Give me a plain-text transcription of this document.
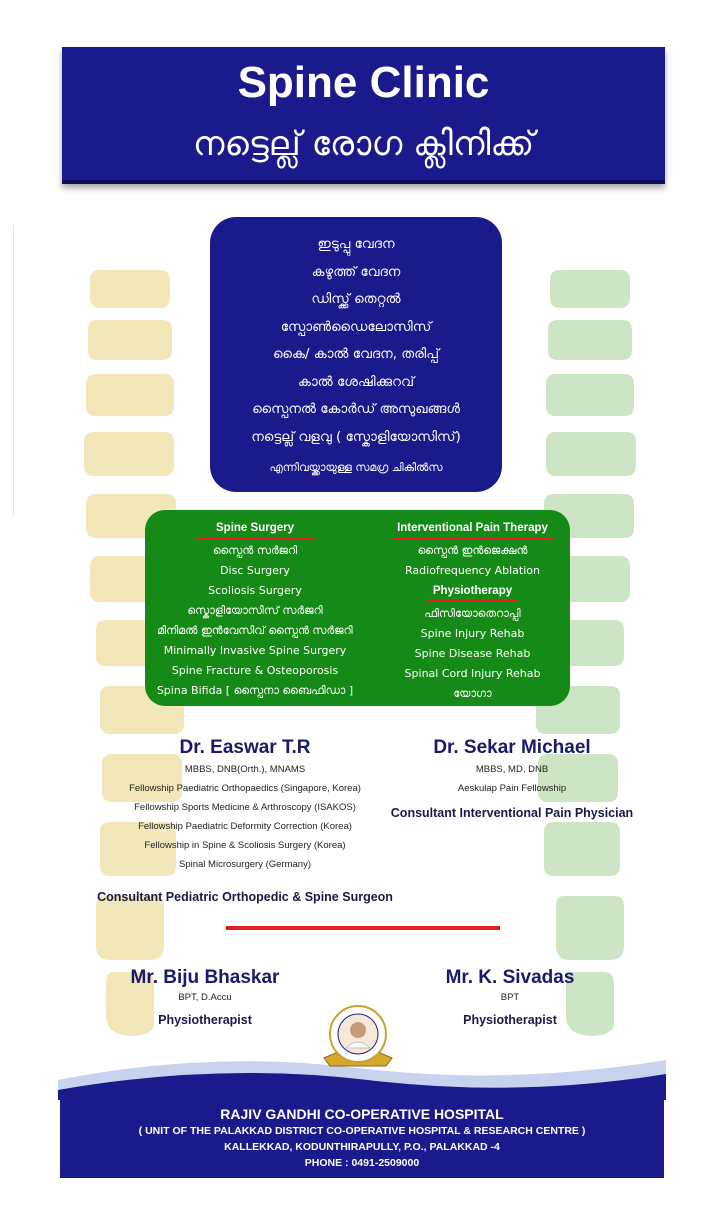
Spine Clinic
നട്ടെല്ല് രോഗ ക്ലിനിക്ക്
ഇടുപ്പു വേദന
കഴുത്ത് വേദന
ഡിസ്ക്ക് തെറ്റൽ
സ്പോൺഡൈലോസിസ്
കൈ/ കാൽ വേദന, തരിപ്പ്
കാൽ ശേഷിക്കുറവ്
സ്പൈനൽ കോർഡ് അസുഖങ്ങൾ
നട്ടെല്ല് വളവു ( സ്കോളിയോസിസ്)
എന്നിവയ്ക്കായുള്ള സമഗ്ര ചികിൽസ
Spine Surgery
സ്പൈൻ സർജറി
Disc Surgery
Scoliosis Surgery
സ്കൊളിയോസിസ് സർജറി
മിനിമൽ ഇൻവേസിവ് സ്പൈൻ സർജറി
Minimally Invasive Spine Surgery
Spine Fracture & Osteoporosis
Spina Bifida [ സ്പൈനാ ബൈഫിഡാ ]
Interventional Pain Therapy
സ്പൈൻ ഇൻജെക്ഷൻ
Radiofrequency Ablation
Physiotherapy
ഫിസിയോതെറാപ്പി
Spine Injury Rehab
Spine Disease Rehab
Spinal Cord Injury Rehab
യോഗാ
Dr. Easwar T.R
MBBS, DNB(Orth.), MNAMS
Fellowship Paediatric Orthopaedics (Singapore, Korea)
Fellowship Sports Medicine & Arthroscopy (ISAKOS)
Fellowship Paediatric Deformity Correction (Korea)
Fellowship in Spine & Scoliosis Surgery (Korea)
Spinal Microsurgery (Germany)
Consultant Pediatric Orthopedic & Spine Surgeon
Dr. Sekar Michael
MBBS, MD, DNB
Aeskulap Pain Fellowship
Consultant Interventional Pain Physician
Mr. Biju Bhaskar
BPT, D.Accu
Physiotherapist
Mr. K. Sivadas
BPT
Physiotherapist
RAJIV GANDHI CO-OPERATIVE HOSPITAL
( UNIT OF THE PALAKKAD DISTRICT CO-OPERATIVE HOSPITAL & RESEARCH CENTRE )
KALLEKKAD, KODUNTHIRAPULLY, P.O., PALAKKAD -4
PHONE : 0491-2509000
